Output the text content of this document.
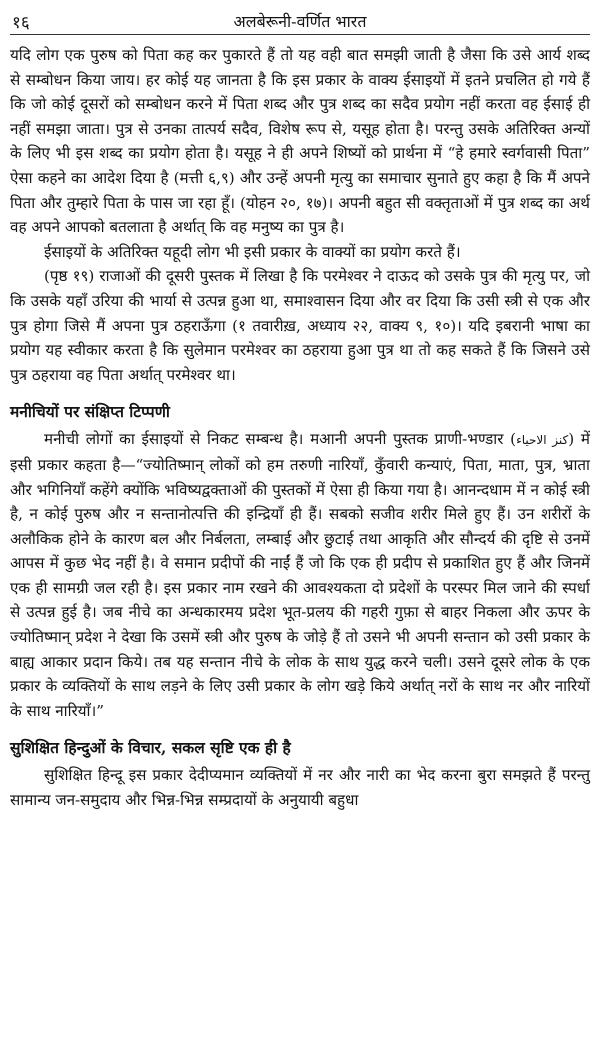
१६	अलबेरूनी-वर्णित भारत

यदि लोग एक पुरुष को पिता कह कर पुकारते हैं तो यह वही बात समझी जाती है जैसा कि उसे आर्य शब्द से सम्बोधन किया जाय। हर कोई यह जानता है कि इस प्रकार के वाक्य ईसाइयों में इतने प्रचलित हो गये हैं कि जो कोई दूसरों को सम्बोधन करने में पिता शब्द और पुत्र शब्द का सदैव प्रयोग नहीं करता वह ईसाई ही नहीं समझा जाता। पुत्र से उनका तात्पर्य सदैव, विशेष रूप से, यसूह होता है। परन्तु उसके अतिरिक्त अन्यों के लिए भी इस शब्द का प्रयोग होता है। यसूह ने ही अपने शिष्यों को प्रार्थना में “हे हमारे स्वर्गवासी पिता” ऐसा कहने का आदेश दिया है (मत्ती ६,९) और उन्हें अपनी मृत्यु का समाचार सुनाते हुए कहा है कि मैं अपने पिता और तुम्हारे पिता के पास जा रहा हूँ। (योहन २०, १७)। अपनी बहुत सी वक्तृताओं में पुत्र शब्द का अर्थ वह अपने आपको बतलाता है अर्थात् कि वह मनुष्य का पुत्र है।

ईसाइयों के अतिरिक्त यहूदी लोग भी इसी प्रकार के वाक्यों का प्रयोग करते हैं।

(पृष्ठ १९) राजाओं की दूसरी पुस्तक में लिखा है कि परमेश्वर ने दाऊद को उसके पुत्र की मृत्यु पर, जो कि उसके यहाँ उरिया की भार्या से उत्पन्न हुआ था, समाश्वासन दिया और वर दिया कि उसी स्त्री से एक और पुत्र होगा जिसे मैं अपना पुत्र ठहराऊँगा (१ तवारीख़, अध्याय २२, वाक्य ९, १०)। यदि इबरानी भाषा का प्रयोग यह स्वीकार करता है कि सुलेमान परमेश्वर का ठहराया हुआ पुत्र था तो कह सकते हैं कि जिसने उसे पुत्र ठहराया वह पिता अर्थात् परमेश्वर था।

मनीचियों पर संक्षिप्त टिप्पणी

मनीची लोगों का ईसाइयों से निकट सम्बन्ध है। मआनी अपनी पुस्तक प्राणी-भण्डार (كنز الاحياء) में इसी प्रकार कहता है—“ज्योतिष्मान् लोकों को हम तरुणी नारियाँ, कुँवारी कन्याएं, पिता, माता, पुत्र, भ्राता और भगिनियाँ कहेंगे क्योंकि भविष्यद्वक्ताओं की पुस्तकों में ऐसा ही किया गया है। आनन्दधाम में न कोई स्त्री है, न कोई पुरुष और न सन्तानोत्पत्ति की इन्द्रियाँ ही हैं। सबको सजीव शरीर मिले हुए हैं। उन शरीरों के अलौकिक होने के कारण बल और निर्बलता, लम्बाई और छुटाई तथा आकृति और सौन्दर्य की दृष्टि से उनमें आपस में कुछ भेद नहीं है। वे समान प्रदीपों की नाईं हैं जो कि एक ही प्रदीप से प्रकाशित हुए हैं और जिनमें एक ही सामग्री जल रही है। इस प्रकार नाम रखने की आवश्यकता दो प्रदेशों के परस्पर मिल जाने की स्पर्धा से उत्पन्न हुई है। जब नीचे का अन्धकारमय प्रदेश भूत-प्रलय की गहरी गुफ़ा से बाहर निकला और ऊपर के ज्योतिष्मान् प्रदेश ने देखा कि उसमें स्त्री और पुरुष के जोड़े हैं तो उसने भी अपनी सन्तान को उसी प्रकार के बाह्य आकार प्रदान किये। तब यह सन्तान नीचे के लोक के साथ युद्ध करने चली। उसने दूसरे लोक के एक प्रकार के व्यक्तियों के साथ लड़ने के लिए उसी प्रकार के लोग खड़े किये अर्थात् नरों के साथ नर और नारियों के साथ नारियाँ।”

सुशिक्षित हिन्दुओं के विचार, सकल सृष्टि एक ही है

सुशिक्षित हिन्दू इस प्रकार देदीप्यमान व्यक्तियों में नर और नारी का भेद करना बुरा समझते हैं परन्तु सामान्य जन-समुदाय और भिन्न-भिन्न सम्प्रदायों के अनुयायी बहुधा
